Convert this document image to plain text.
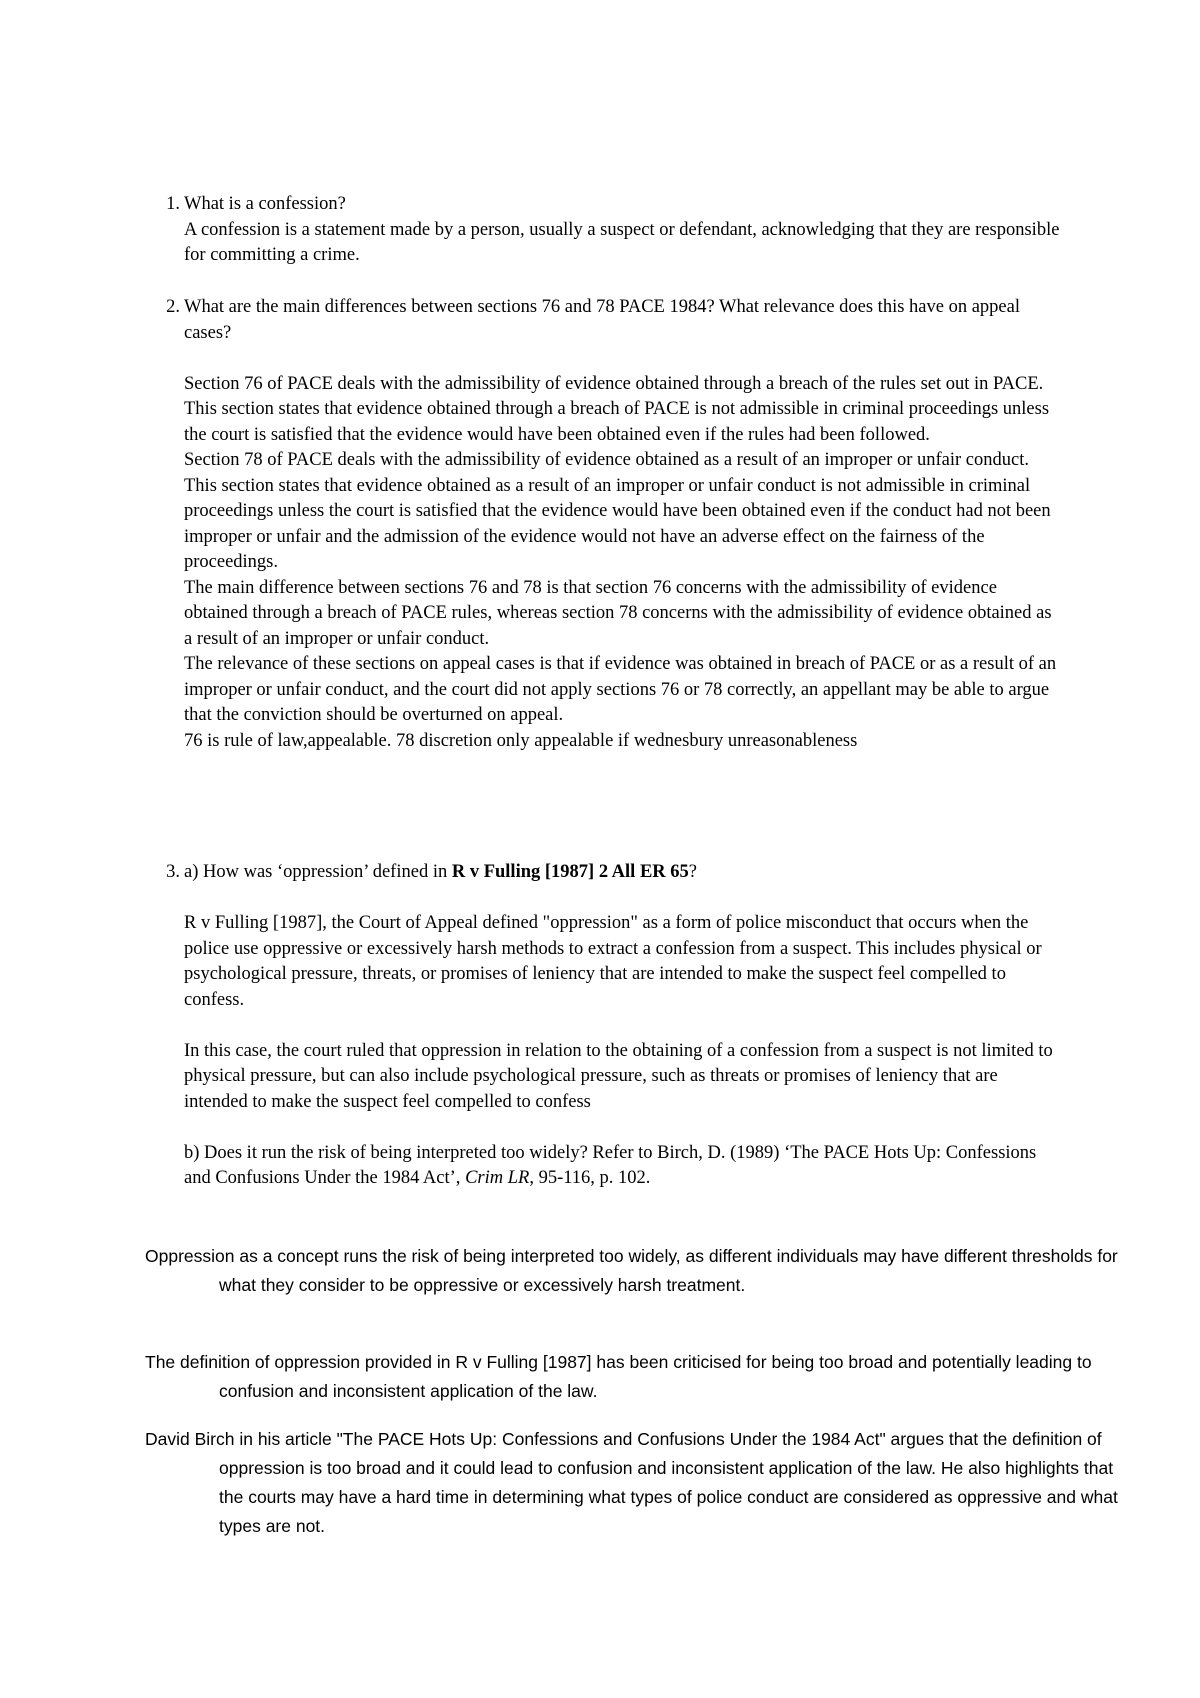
1. What is a confession?

A confession is a statement made by a person, usually a suspect or defendant, acknowledging that they are responsible for committing a crime.

2. What are the main differences between sections 76 and 78 PACE 1984? What relevance does this have on appeal cases?

Section 76 of PACE deals with the admissibility of evidence obtained through a breach of the rules set out in PACE. This section states that evidence obtained through a breach of PACE is not admissible in criminal proceedings unless the court is satisfied that the evidence would have been obtained even if the rules had been followed.

Section 78 of PACE deals with the admissibility of evidence obtained as a result of an improper or unfair conduct. This section states that evidence obtained as a result of an improper or unfair conduct is not admissible in criminal proceedings unless the court is satisfied that the evidence would have been obtained even if the conduct had not been improper or unfair and the admission of the evidence would not have an adverse effect on the fairness of the proceedings.

The main difference between sections 76 and 78 is that section 76 concerns with the admissibility of evidence obtained through a breach of PACE rules, whereas section 78 concerns with the admissibility of evidence obtained as a result of an improper or unfair conduct.

The relevance of these sections on appeal cases is that if evidence was obtained in breach of PACE or as a result of an improper or unfair conduct, and the court did not apply sections 76 or 78 correctly, an appellant may be able to argue that the conviction should be overturned on appeal.

76 is rule of law,appealable. 78 discretion only appealable if wednesbury unreasonableness

3. a) How was ‘oppression’ defined in R v Fulling [1987] 2 All ER 65?

R v Fulling [1987], the Court of Appeal defined "oppression" as a form of police misconduct that occurs when the police use oppressive or excessively harsh methods to extract a confession from a suspect. This includes physical or psychological pressure, threats, or promises of leniency that are intended to make the suspect feel compelled to confess.

In this case, the court ruled that oppression in relation to the obtaining of a confession from a suspect is not limited to physical pressure, but can also include psychological pressure, such as threats or promises of leniency that are intended to make the suspect feel compelled to confess

b) Does it run the risk of being interpreted too widely? Refer to Birch, D. (1989) ‘The PACE Hots Up: Confessions and Confusions Under the 1984 Act’, Crim LR, 95-116, p. 102.

Oppression as a concept runs the risk of being interpreted too widely, as different individuals may have different thresholds for what they consider to be oppressive or excessively harsh treatment.

The definition of oppression provided in R v Fulling [1987] has been criticised for being too broad and potentially leading to confusion and inconsistent application of the law.

David Birch in his article "The PACE Hots Up: Confessions and Confusions Under the 1984 Act" argues that the definition of oppression is too broad and it could lead to confusion and inconsistent application of the law. He also highlights that the courts may have a hard time in determining what types of police conduct are considered as oppressive and what types are not.
